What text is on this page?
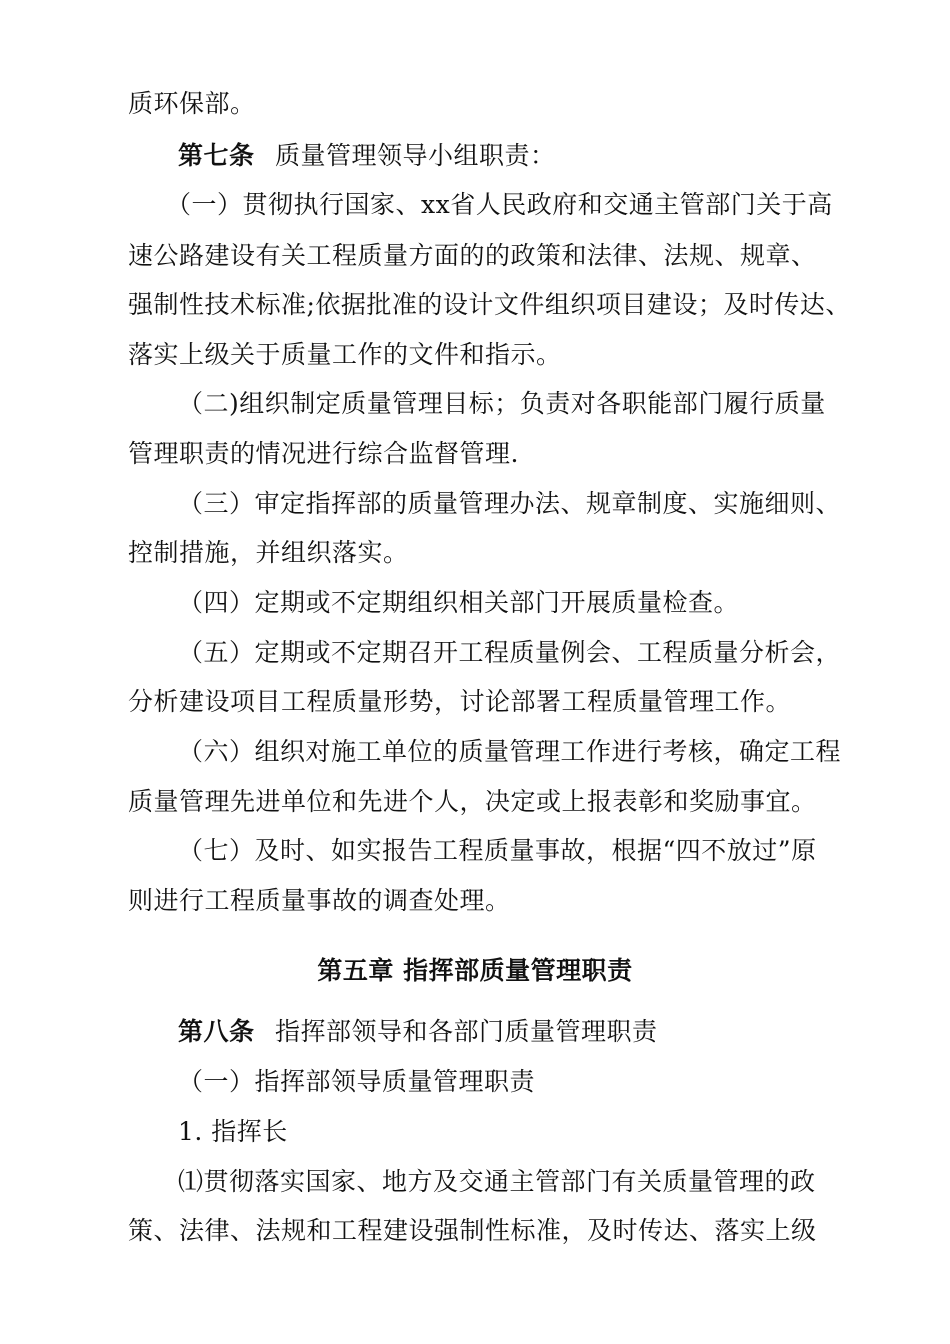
质环保部。
第七条 质量管理领导小组职责：
（一）贯彻执行国家、xx省人民政府和交通主管部门关于高
速公路建设有关工程质量方面的的政策和法律、法规、规章、
强制性技术标准;依据批准的设计文件组织项目建设；及时传达、
落实上级关于质量工作的文件和指示。
（二)组织制定质量管理目标；负责对各职能部门履行质量
管理职责的情况进行综合监督管理.
（三）审定指挥部的质量管理办法、规章制度、实施细则、
控制措施，并组织落实。
（四）定期或不定期组织相关部门开展质量检查。
（五）定期或不定期召开工程质量例会、工程质量分析会，
分析建设项目工程质量形势，讨论部署工程质量管理工作。
（六）组织对施工单位的质量管理工作进行考核，确定工程
质量管理先进单位和先进个人，决定或上报表彰和奖励事宜。
（七）及时、如实报告工程质量事故，根据“四不放过”原
则进行工程质量事故的调查处理。
第五章 指挥部质量管理职责
第八条 指挥部领导和各部门质量管理职责
（一）指挥部领导质量管理职责
1. 指挥长
⑴贯彻落实国家、地方及交通主管部门有关质量管理的政
策、法律、法规和工程建设强制性标准，及时传达、落实上级
